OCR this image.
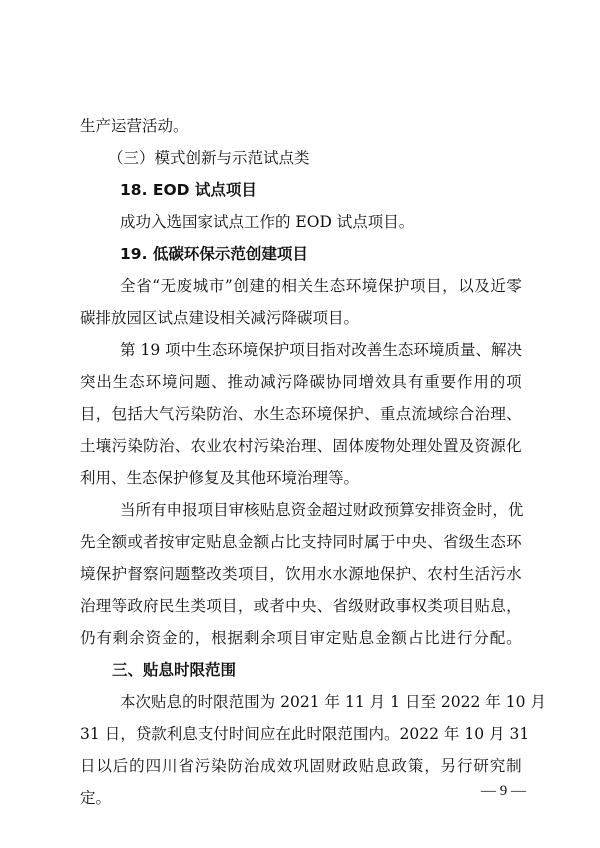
生产运营活动。
（三）模式创新与示范试点类
18. EOD 试点项目
成功入选国家试点工作的 EOD 试点项目。
19. 低碳环保示范创建项目
全 省 “ 无 废 城 市 ” 创 建 的 相 关 生 态 环 境 保 护 项 目 ， 以 及 近 零
碳排放园区试点建设相关减污降碳项目。
第
1 9
项 中 生 态 环 境 保 护 项 目 指 对 改 善 生 态 环 境 质 量 、 解 决
突 出 生 态 环 境 问 题 、 推 动 减 污 降 碳 协 同 增 效 具 有 重 要 作 用 的 项
目 ， 包 括 大 气 污 染 防 治 、 水 生 态 环 境 保 护 、 重 点 流 域 综 合 治 理 、
土 壤 污 染 防 治 、 农 业 农 村 污 染 治 理 、 固 体 废 物 处 理 处 置 及 资 源 化
利用、生态保护修复及其他环境治理等。
当 所 有 申 报 项 目 审 核 贴 息 资 金 超 过 财 政 预 算 安 排 资 金 时 ， 优
先 全 额 或 者 按 审 定 贴 息 金 额 占 比 支 持 同 时 属 于 中 央 、 省 级 生 态 环
境 保 护 督 察 问 题 整 改 类 项 目 ， 饮 用 水 水 源 地 保 护 、 农 村 生 活 污 水
治 理 等 政 府 民 生 类 项 目 ， 或 者 中 央 、 省 级 财 政 事 权 类 项 目 贴 息 ，
仍 有 剩 余 资 金 的 ， 根 据 剩 余 项 目 审 定 贴 息 金 额 占 比 进 行 分 配 。
三、贴息时限范围
本 次 贴 息 的 时 限 范 围 为
2 0 2 1
年
1 1
月
1
日 至
2 0 2 2
年
1 0
月
3 1
日 ， 贷 款 利 息 支 付 时 间 应 在 此 时 限 范 围 内 。 2 0 2 2
年
1 0
月
3 1
日 以 后 的 四 川 省 污 染 防 治 成 效 巩 固 财 政 贴 息 政 策 ， 另 行 研 究 制
定。	— 9 —
